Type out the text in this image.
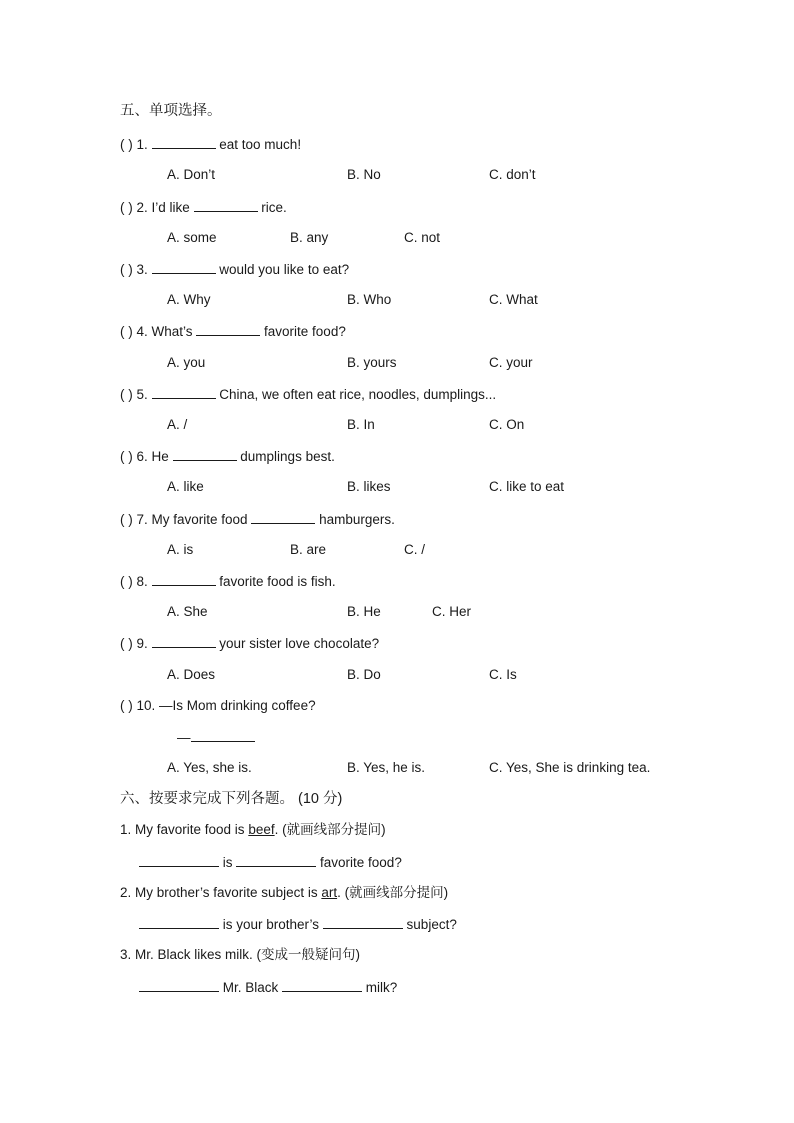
五、单项选择。
( ) 1.	eat too much!
A. Don’t	B. No	C. don’t
( ) 2. I’d like	rice.
A. some	B. any	C. not
( ) 3.	would you like to eat?
A. Why	B. Who	C. What
( ) 4. What’s	favorite food?
A. you	B. yours	C. your
( ) 5.	China, we often eat rice, noodles, dumplings...
A. /	B. In	C. On
( ) 6. He	dumplings best.
A. like	B. likes	C. like to eat
( ) 7. My favorite food	hamburgers.
A. is	B. are	C. /
( ) 8.	favorite food is fish.
A. She	B. He	C. Her
( ) 9.	your sister love chocolate?
A. Does	B. Do	C. Is
( ) 10. —Is Mom drinking coffee?
—
A. Yes, she is.	B. Yes, he is.	C. Yes, She is drinking tea.
六、按要求完成下列各题。 (10 分)
1. My favorite food is beef. (就画线部分提问)
is	favorite food?
2. My brother’s favorite subject is art. (就画线部分提问)
is your brother’s	subject?
3. Mr. Black likes milk. (变成一般疑问句)
Mr. Black	milk?
